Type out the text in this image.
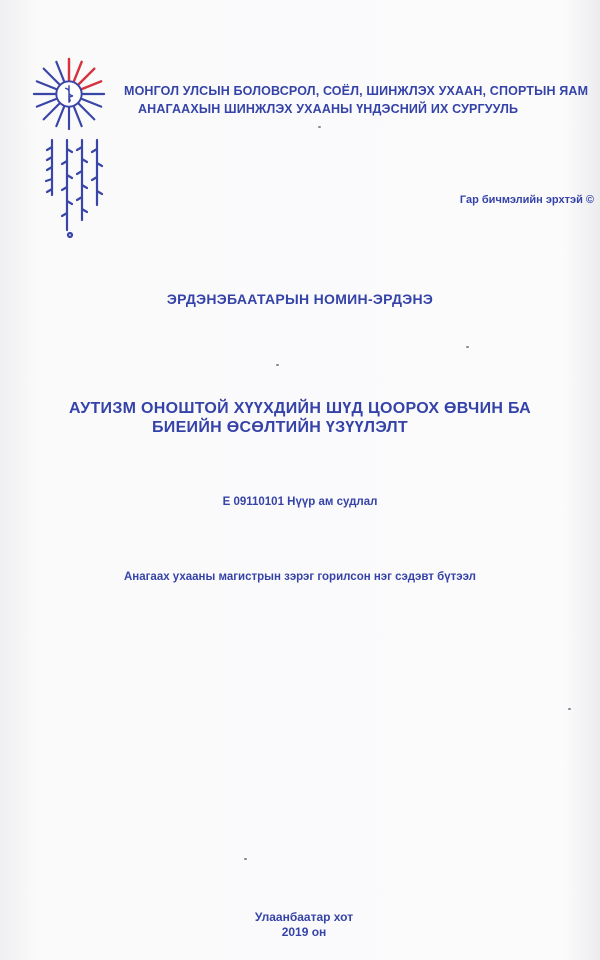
МОНГОЛ УЛСЫН БОЛОВСРОЛ, СОЁЛ, ШИНЖЛЭХ УХААН, СПОРТЫН ЯАМ
АНАГААХЫН ШИНЖЛЭХ УХААНЫ ҮНДЭСНИЙ ИХ СУРГУУЛЬ
Гар бичмэлийн эрхтэй ©
ЭРДЭНЭБААТАРЫН НОМИН-ЭРДЭНЭ
АУТИЗМ ОНОШТОЙ ХҮҮХДИЙН ШҮД ЦООРОХ ӨВЧИН БА
БИЕИЙН ӨСӨЛТИЙН ҮЗҮҮЛЭЛТ
E 09110101 Нүүр ам судлал
Анагаах ухааны магистрын зэрэг горилсон нэг сэдэвт бүтээл
Улаанбаатар хот
2019 он
